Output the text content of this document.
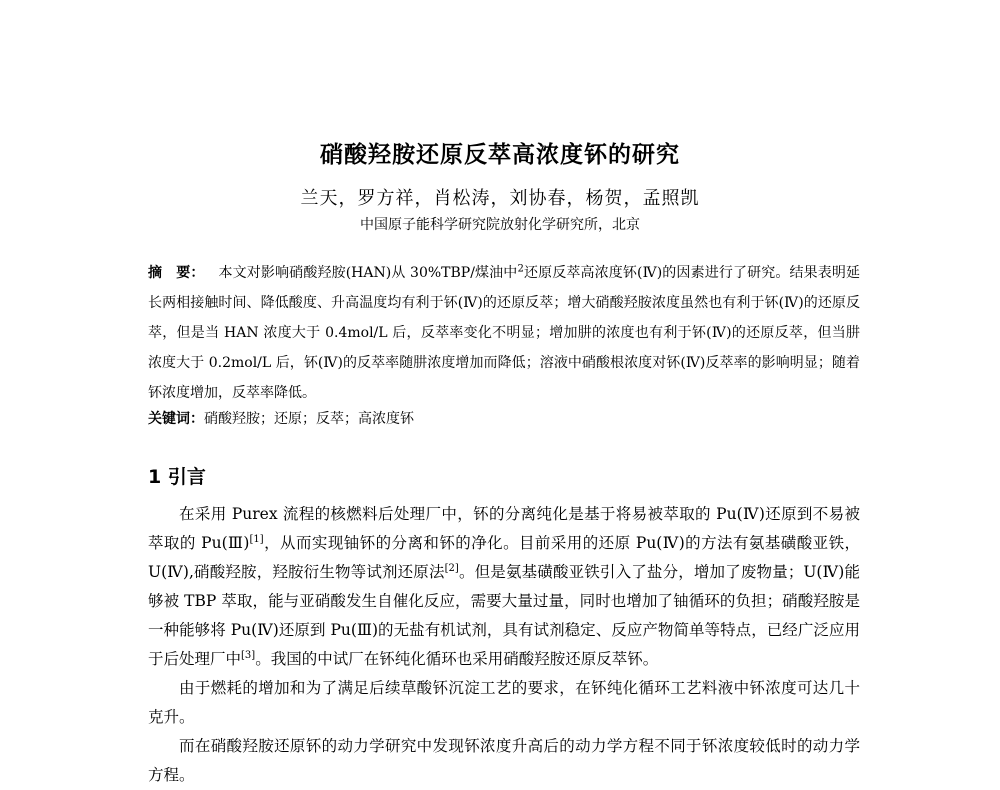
硝酸羟胺还原反萃高浓度钚的研究
兰天，罗方祥，肖松涛，刘协春，杨贺，孟照凯
中国原子能科学研究院放射化学研究所，北京
摘　要： 本文对影响硝酸羟胺(HAN)从 30%TBP/煤油中$^2$还原反萃高浓度钚(Ⅳ)的因素进行了研究。结果表明延长两相接触时间、降低酸度、升高温度均有利于钚(Ⅳ)的还原反萃；增大硝酸羟胺浓度虽然也有利于钚(Ⅳ)的还原反萃，但是当 HAN 浓度大于 0.4mol/L 后，反萃率变化不明显；增加肼的浓度也有利于钚(Ⅳ)的还原反萃，但当肼浓度大于 0.2mol/L 后，钚(Ⅳ)的反萃率随肼浓度增加而降低；溶液中硝酸根浓度对钚(Ⅳ)反萃率的影响明显；随着钚浓度增加，反萃率降低。
关键词：硝酸羟胺；还原；反萃；高浓度钚
1 引言

在采用 Purex 流程的核燃料后处理厂中，钚的分离纯化是基于将易被萃取的 Pu(Ⅳ)还原到不易被萃取的 Pu(Ⅲ)[1]，从而实现铀钚的分离和钚的净化。目前采用的还原 Pu(Ⅳ)的方法有氨基磺酸亚铁，U(Ⅳ),硝酸羟胺，羟胺衍生物等试剂还原法[2]。但是氨基磺酸亚铁引入了盐分，增加了废物量；U(Ⅳ)能够被 TBP 萃取，能与亚硝酸发生自催化反应，需要大量过量，同时也增加了铀循环的负担；硝酸羟胺是一种能够将 Pu(Ⅳ)还原到 Pu(Ⅲ)的无盐有机试剂，具有试剂稳定、反应产物简单等特点，已经广泛应用于后处理厂中[3]。我国的中试厂在钚纯化循环也采用硝酸羟胺还原反萃钚。

由于燃耗的增加和为了满足后续草酸钚沉淀工艺的要求，在钚纯化循环工艺料液中钚浓度可达几十克升。

而在硝酸羟胺还原钚的动力学研究中发现钚浓度升高后的动力学方程不同于钚浓度较低时的动力学方程。
